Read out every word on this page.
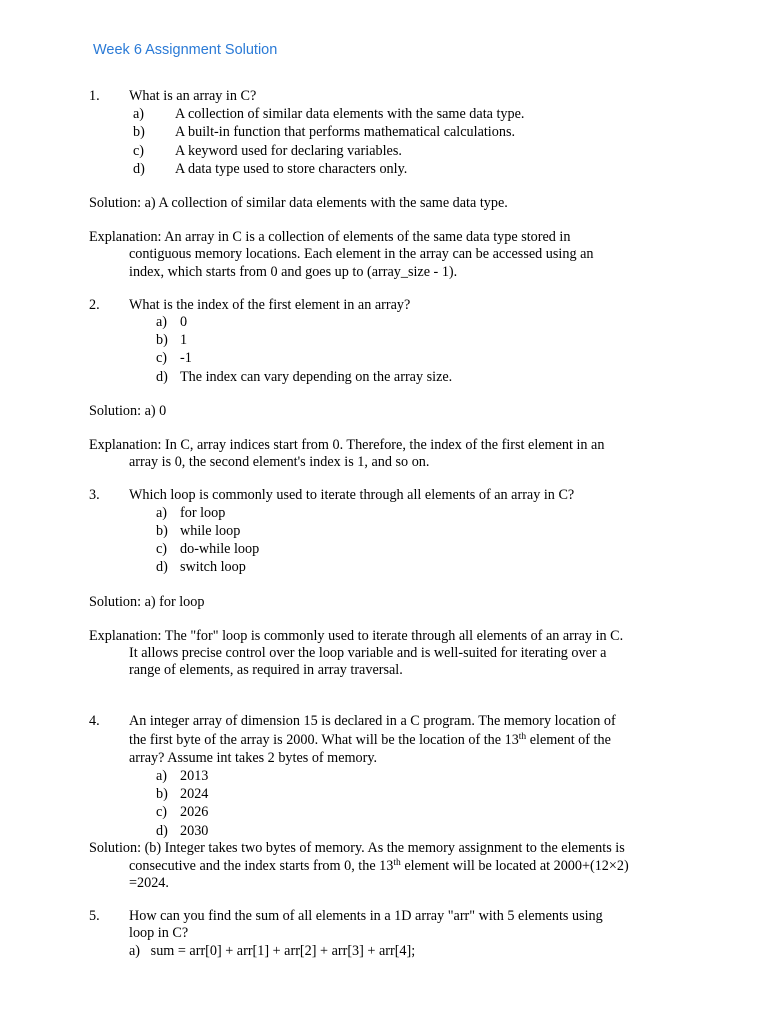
Week 6 Assignment Solution
1. What is an array in C?
a) A collection of similar data elements with the same data type.
b) A built-in function that performs mathematical calculations.
c) A keyword used for declaring variables.
d) A data type used to store characters only.
Solution: a) A collection of similar data elements with the same data type.
Explanation: An array in C is a collection of elements of the same data type stored in
contiguous memory locations. Each element in the array can be accessed using an
index, which starts from 0 and goes up to (array_size - 1).
2. What is the index of the first element in an array?
a) 0
b) 1
c) -1
d) The index can vary depending on the array size.
Solution: a) 0
Explanation: In C, array indices start from 0. Therefore, the index of the first element in an
array is 0, the second element's index is 1, and so on.
3. Which loop is commonly used to iterate through all elements of an array in C?
a) for loop
b) while loop
c) do-while loop
d) switch loop
Solution: a) for loop
Explanation: The "for" loop is commonly used to iterate through all elements of an array in C.
It allows precise control over the loop variable and is well-suited for iterating over a
range of elements, as required in array traversal.
4. An integer array of dimension 15 is declared in a C program. The memory location of
the first byte of the array is 2000. What will be the location of the 13th element of the
array? Assume int takes 2 bytes of memory.
a) 2013
b) 2024
c) 2026
d) 2030
Solution: (b) Integer takes two bytes of memory. As the memory assignment to the elements is
consecutive and the index starts from 0, the 13th element will be located at 2000+(12×2)
=2024.
5. How can you find the sum of all elements in a 1D array "arr" with 5 elements using
loop in C?
a) sum = arr[0] + arr[1] + arr[2] + arr[3] + arr[4];
